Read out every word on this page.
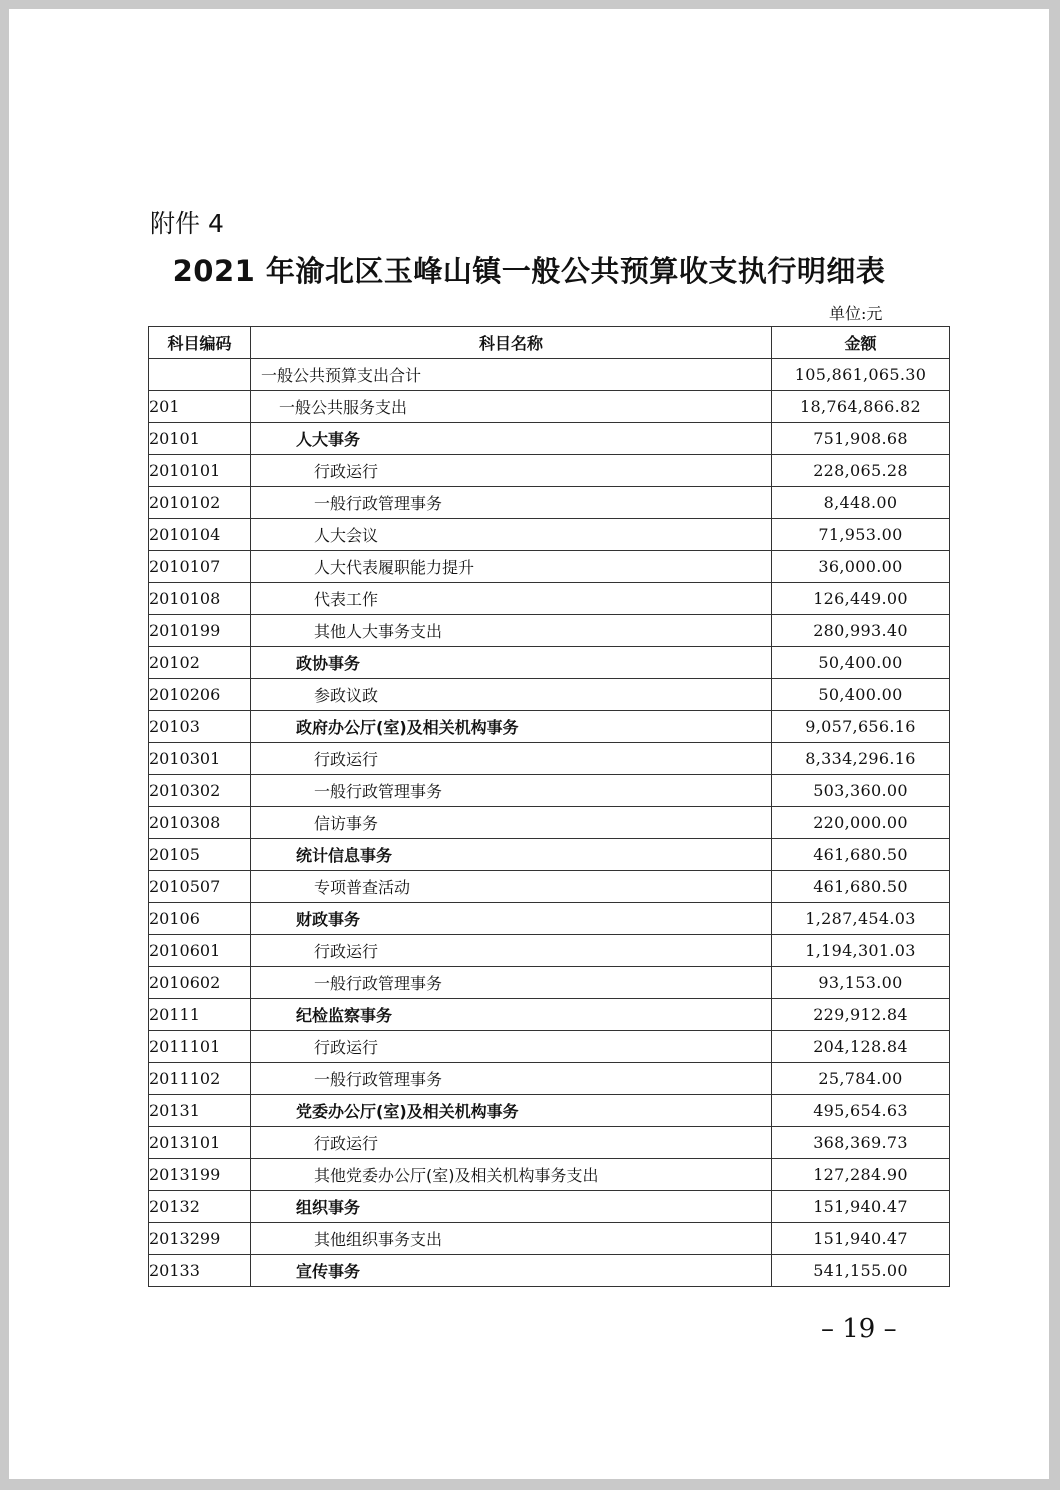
附件 4
2021 年渝北区玉峰山镇一般公共预算收支执行明细表
单位:元
科目编码	科目名称	金额
	一般公共预算支出合计	105,861,065.30
201	一般公共服务支出	18,764,866.82
20101	人大事务	751,908.68
2010101	行政运行	228,065.28
2010102	一般行政管理事务	8,448.00
2010104	人大会议	71,953.00
2010107	人大代表履职能力提升	36,000.00
2010108	代表工作	126,449.00
2010199	其他人大事务支出	280,993.40
20102	政协事务	50,400.00
2010206	参政议政	50,400.00
20103	政府办公厅(室)及相关机构事务	9,057,656.16
2010301	行政运行	8,334,296.16
2010302	一般行政管理事务	503,360.00
2010308	信访事务	220,000.00
20105	统计信息事务	461,680.50
2010507	专项普查活动	461,680.50
20106	财政事务	1,287,454.03
2010601	行政运行	1,194,301.03
2010602	一般行政管理事务	93,153.00
20111	纪检监察事务	229,912.84
2011101	行政运行	204,128.84
2011102	一般行政管理事务	25,784.00
20131	党委办公厅(室)及相关机构事务	495,654.63
2013101	行政运行	368,369.73
2013199	其他党委办公厅(室)及相关机构事务支出	127,284.90
20132	组织事务	151,940.47
2013299	其他组织事务支出	151,940.47
20133	宣传事务	541,155.00
– 19 –
